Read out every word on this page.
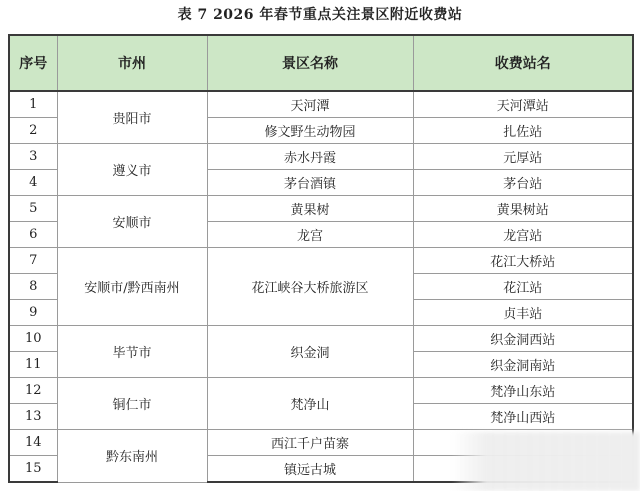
表 7 2026 年春节重点关注景区附近收费站
序号	市州	景区名称	收费站名
1	贵阳市	天河潭	天河潭站
2		修文野生动物园	扎佐站
3	遵义市	赤水丹霞	元厚站
4		茅台酒镇	茅台站
5	安顺市	黄果树	黄果树站
6		龙宫	龙宫站
7	安顺市/黔西南州	花江峡谷大桥旅游区	花江大桥站
8			花江站
9			贞丰站
10	毕节市	织金洞	织金洞西站
11			织金洞南站
12	铜仁市	梵净山	梵净山东站
13			梵净山西站
14	黔东南州	西江千户苗寨	
15		镇远古城	
